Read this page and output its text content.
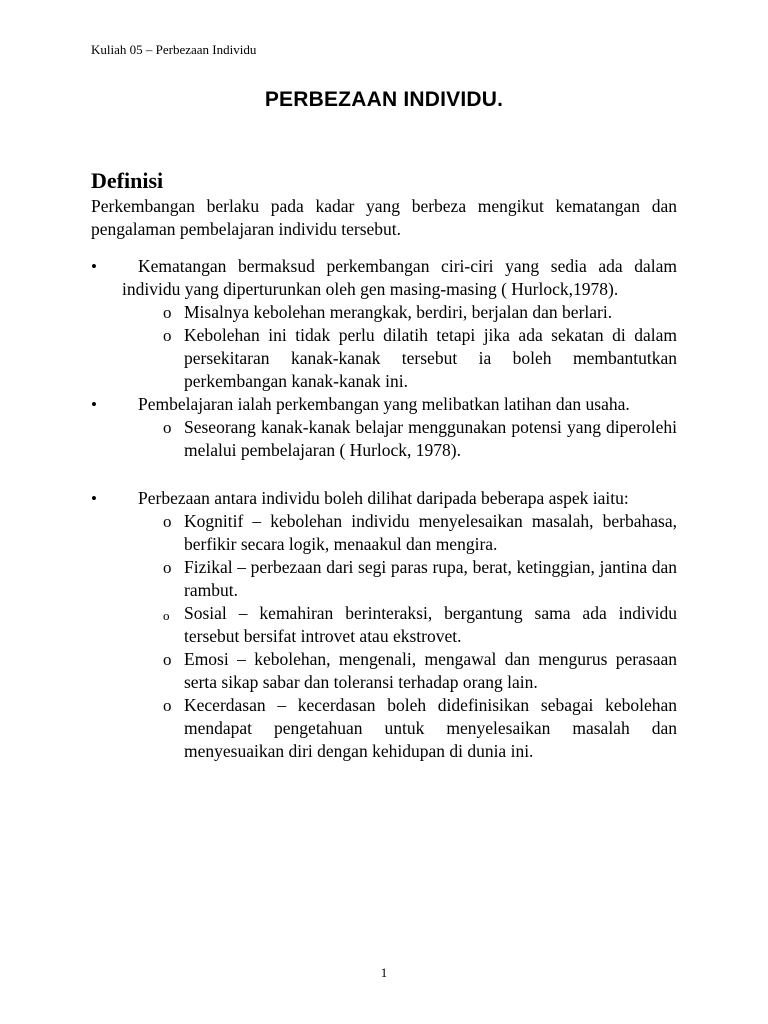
Kuliah 05 – Perbezaan Individu
PERBEZAAN INDIVIDU.

Definisi

Perkembangan berlaku pada kadar yang berbeza mengikut kematangan dan pengalaman pembelajaran individu tersebut.

•	Kematangan bermaksud perkembangan ciri-ciri yang sedia ada dalam individu yang diperturunkan oleh gen masing-masing ( Hurlock,1978).

o Misalnya kebolehan merangkak, berdiri, berjalan dan berlari.
o Kebolehan ini tidak perlu dilatih tetapi jika ada sekatan di dalam persekitaran kanak-kanak tersebut ia boleh membantutkan perkembangan kanak-kanak ini.
•	Pembelajaran ialah perkembangan yang melibatkan latihan dan usaha.

o Seseorang kanak-kanak belajar menggunakan potensi yang diperolehi melalui pembelajaran ( Hurlock, 1978).
•	Perbezaan antara individu boleh dilihat daripada beberapa aspek iaitu:

o Kognitif – kebolehan individu menyelesaikan masalah, berbahasa, berfikir secara logik, menaakul dan mengira.
o Fizikal – perbezaan dari segi paras rupa, berat, ketinggian, jantina dan rambut.
o Sosial – kemahiran berinteraksi, bergantung sama ada individu tersebut bersifat introvet atau ekstrovet.
o Emosi – kebolehan, mengenali, mengawal dan mengurus perasaan serta sikap sabar dan toleransi terhadap orang lain.
o Kecerdasan – kecerdasan boleh didefinisikan sebagai kebolehan mendapat pengetahuan untuk menyelesaikan masalah dan menyesuaikan diri dengan kehidupan di dunia ini.
1
